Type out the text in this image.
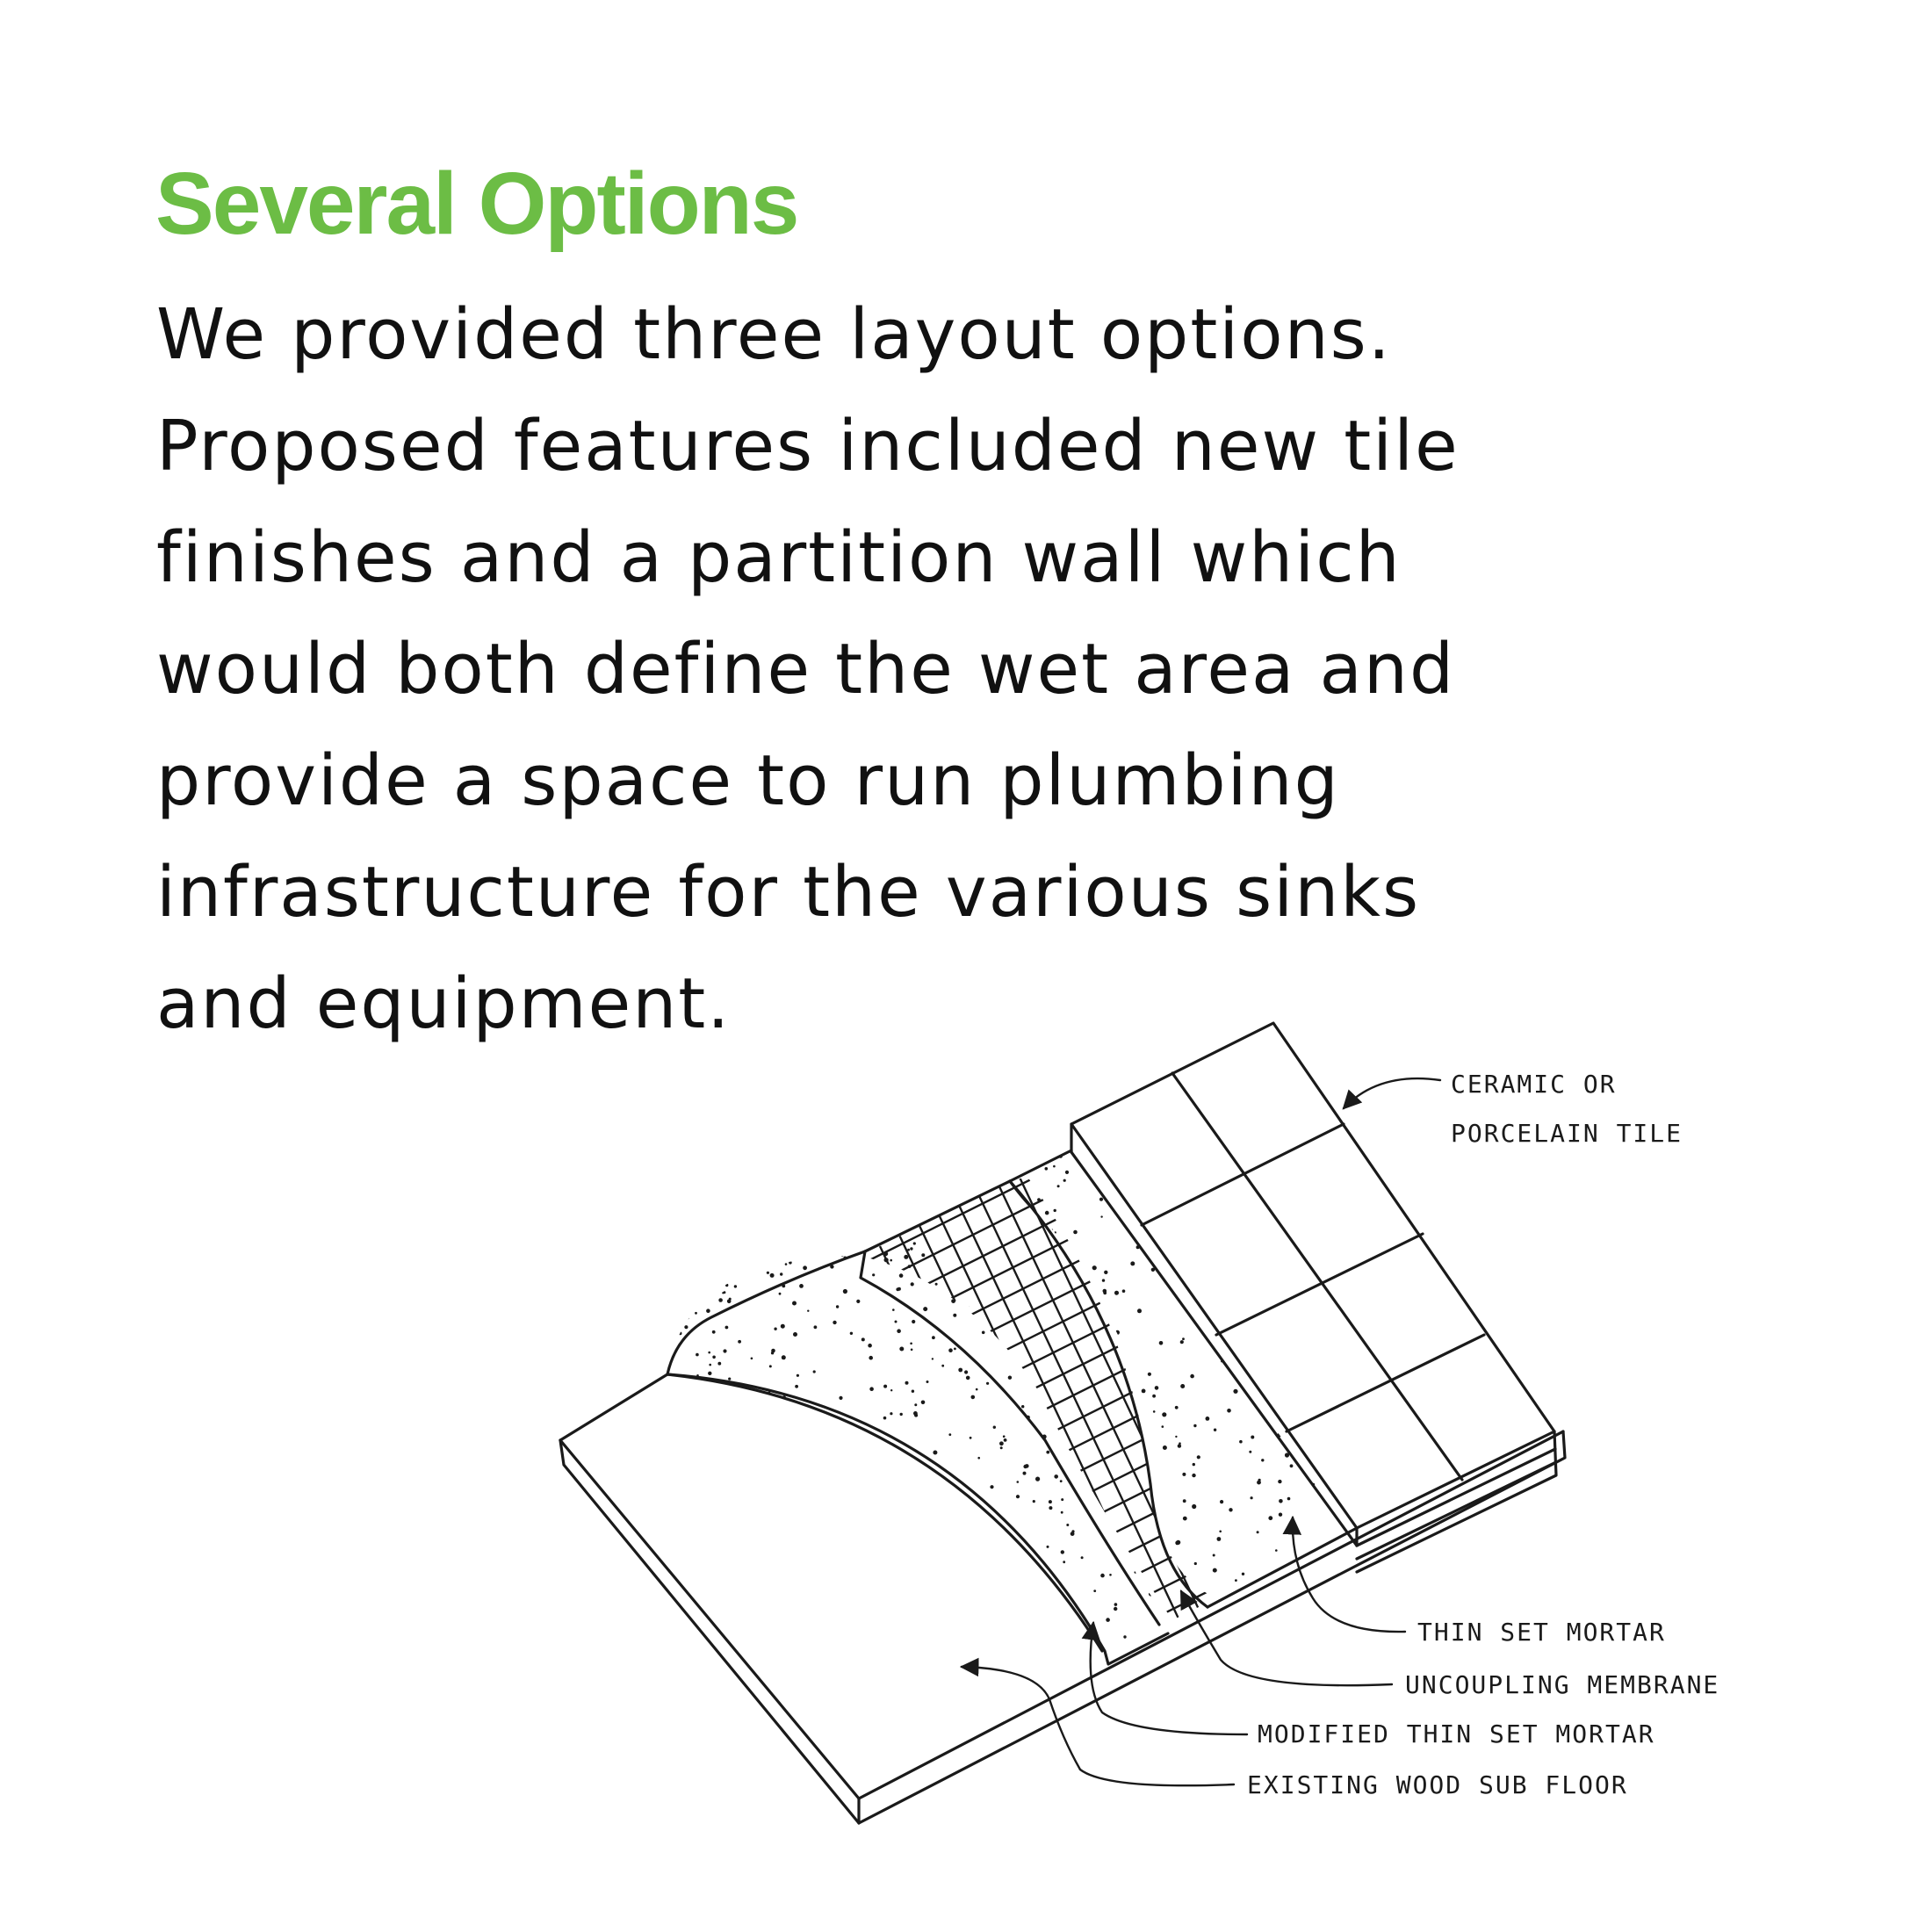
Several Options
We provided three layout options.
Proposed features included new tile
finishes and a partition wall which
would both define the wet area and
provide a space to run plumbing
infrastructure for the various sinks
and equipment.
CERAMIC OR
PORCELAIN TILE
THIN SET MORTAR
UNCOUPLING MEMBRANE
MODIFIED THIN SET MORTAR
EXISTING WOOD SUB FLOOR
